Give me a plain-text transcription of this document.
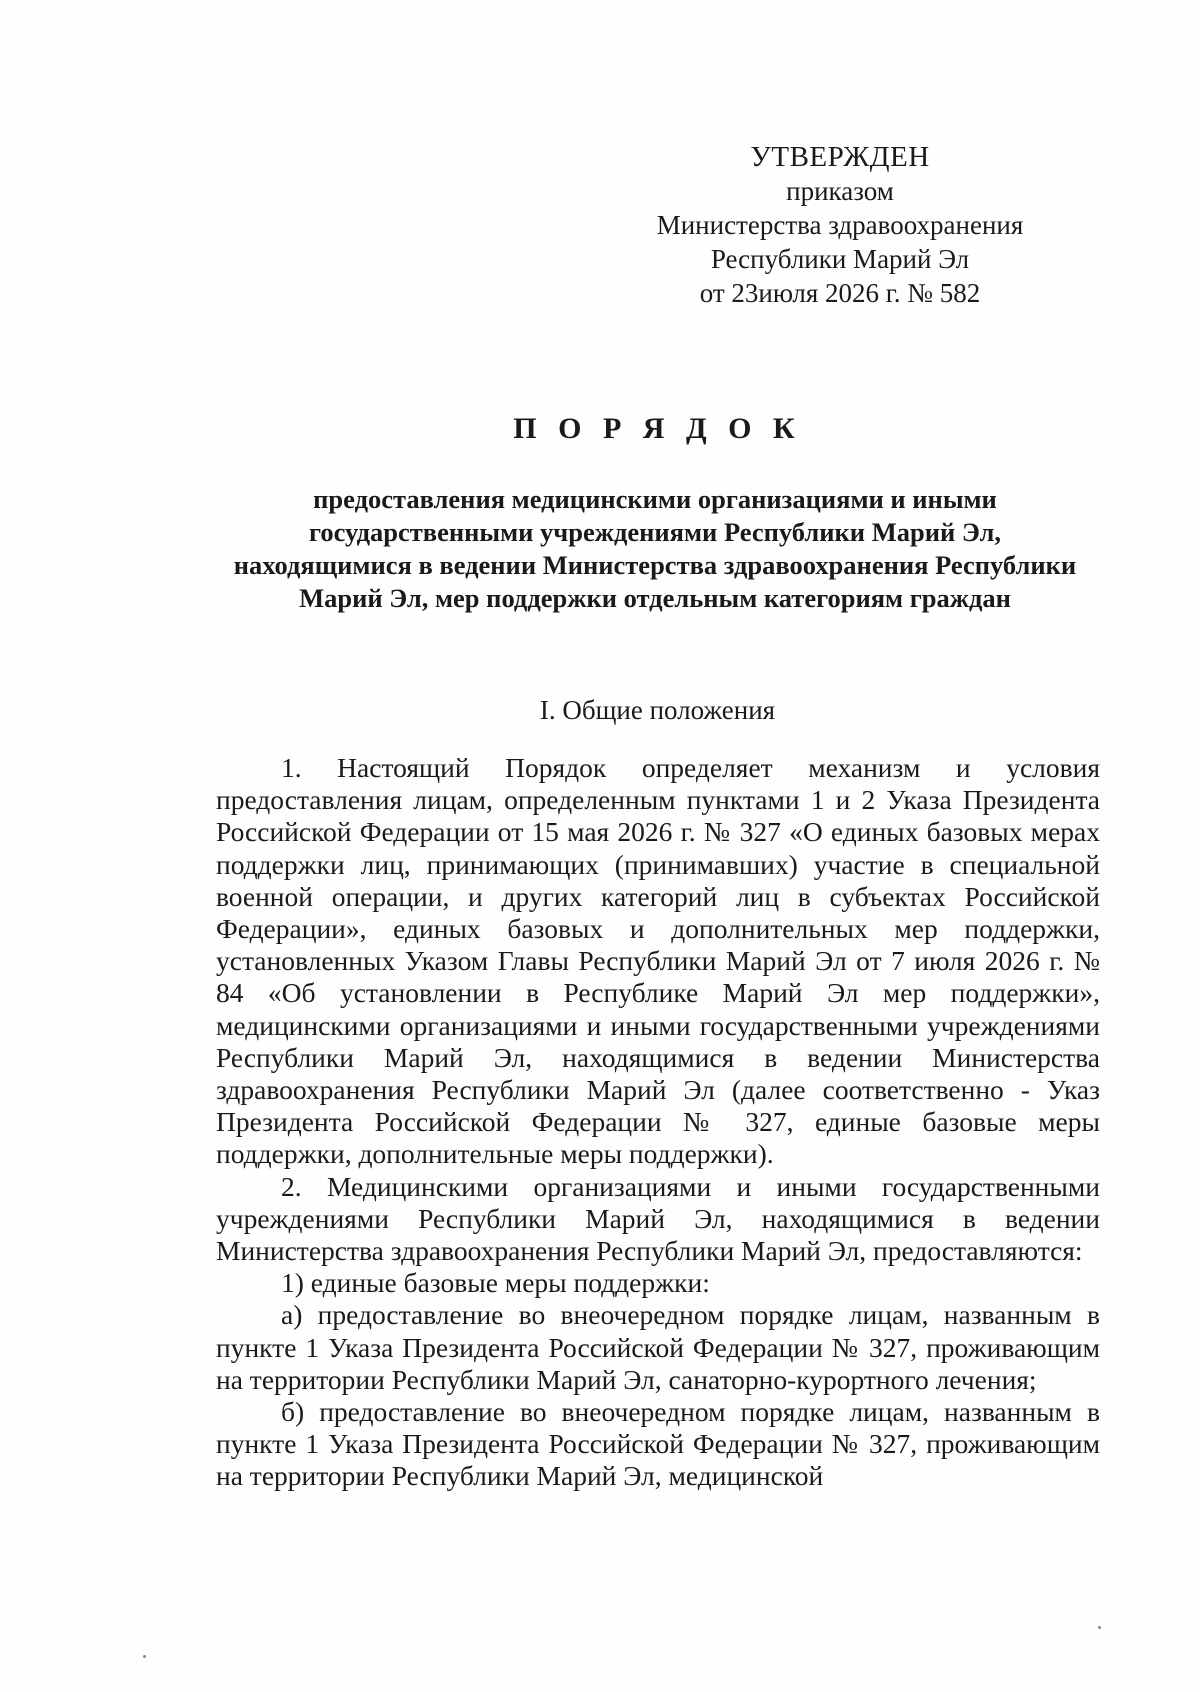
УТВЕРЖДЕН
приказом
Министерства здравоохранения
Республики Марий Эл
от 23июля 2026 г. № 582
П О Р Я Д О К
предоставления медицинскими организациями и иными
государственными учреждениями Республики Марий Эл,
находящимися в ведении Министерства здравоохранения Республики
Марий Эл, мер поддержки отдельным категориям граждан
I. Общие положения

1. Настоящий Порядок определяет механизм и условия предоставления лицам, определенным пунктами 1 и 2 Указа Президента Российской Федерации от 15 мая 2026 г. № 327 «О единых базовых мерах поддержки лиц, принимающих (принимавших) участие в специальной военной операции, и других категорий лиц в субъектах Российской Федерации», единых базовых и дополнительных мер поддержки, установленных Указом Главы Республики Марий Эл от 7 июля 2026 г. № 84 «Об установлении в Республике Марий Эл мер поддержки», медицинскими организациями и иными государственными учреждениями Республики Марий Эл, находящимися в ведении Министерства здравоохранения Республики Марий Эл (далее соответственно - Указ Президента Российской Федерации № 327, единые базовые меры поддержки, дополнительные меры поддержки).

2. Медицинскими организациями и иными государственными учреждениями Республики Марий Эл, находящимися в ведении Министерства здравоохранения Республики Марий Эл, предоставляются:

1) единые базовые меры поддержки:

а) предоставление во внеочередном порядке лицам, названным в пункте 1 Указа Президента Российской Федерации № 327, проживающим на территории Республики Марий Эл, санаторно-курортного лечения;

б) предоставление во внеочередном порядке лицам, названным в пункте 1 Указа Президента Российской Федерации № 327, проживающим на территории Республики Марий Эл, медицинской
